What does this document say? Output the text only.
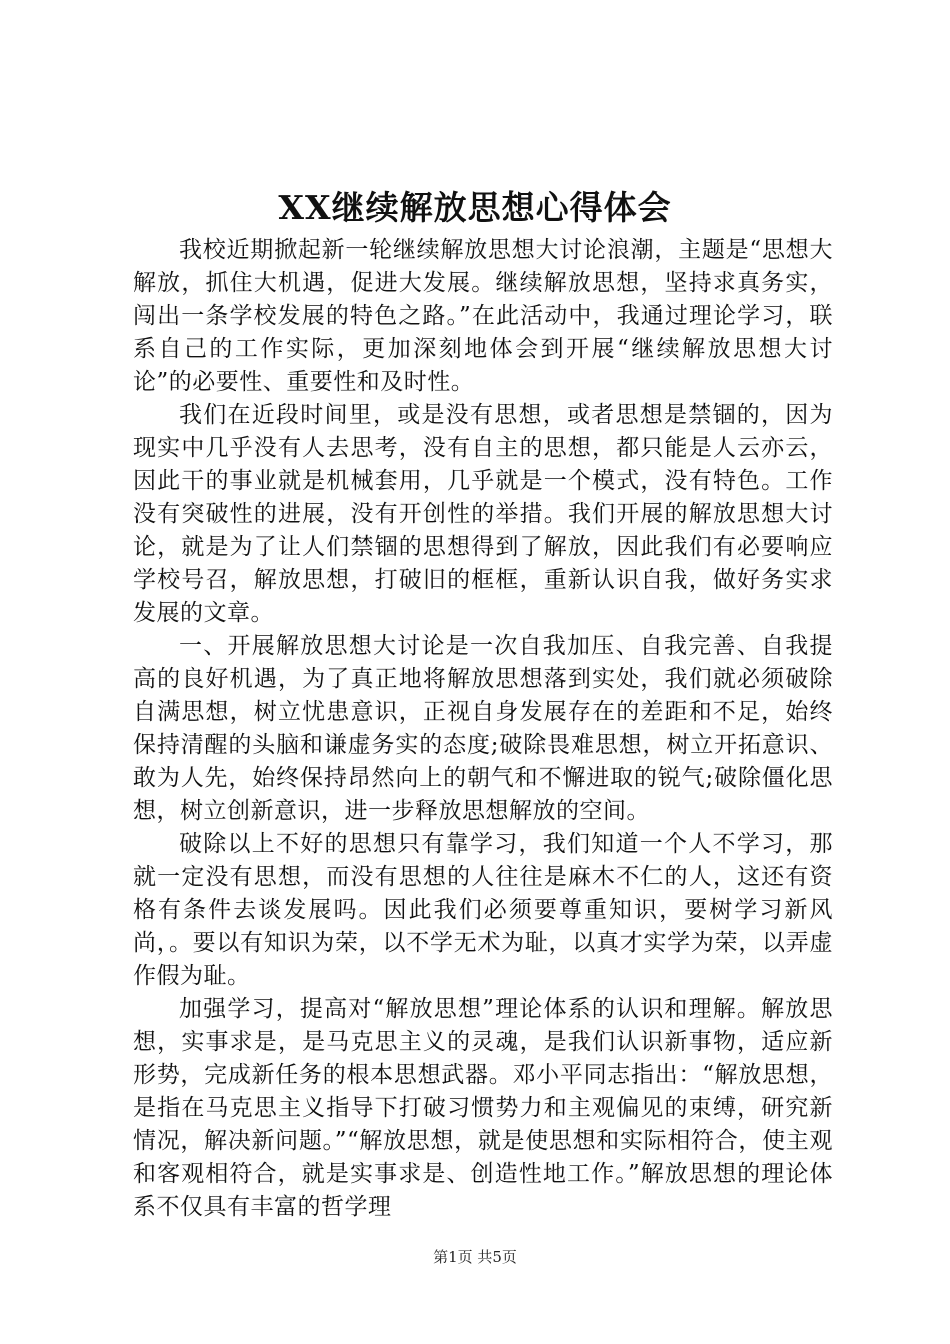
XX继续解放思想心得体会

我校近期掀起新一轮继续解放思想大讨论浪潮，主题是“思想大解放，抓住大机遇，促进大发展。继续解放思想，坚持求真务实，闯出一条学校发展的特色之路。”在此活动中，我通过理论学习，联系自己的工作实际，更加深刻地体会到开展“继续解放思想大讨论”的必要性、重要性和及时性。

我们在近段时间里，或是没有思想，或者思想是禁锢的，因为现实中几乎没有人去思考，没有自主的思想，都只能是人云亦云，因此干的事业就是机械套用，几乎就是一个模式，没有特色。工作没有突破性的进展，没有开创性的举措。我们开展的解放思想大讨论，就是为了让人们禁锢的思想得到了解放，因此我们有必要响应学校号召，解放思想，打破旧的框框，重新认识自我，做好务实求发展的文章。

一、开展解放思想大讨论是一次自我加压、自我完善、自我提高的良好机遇，为了真正地将解放思想落到实处，我们就必须破除自满思想，树立忧患意识，正视自身发展存在的差距和不足，始终保持清醒的头脑和谦虚务实的态度;破除畏难思想，树立开拓意识、敢为人先，始终保持昂然向上的朝气和不懈进取的锐气;破除僵化思想，树立创新意识，进一步释放思想解放的空间。

破除以上不好的思想只有靠学习，我们知道一个人不学习，那就一定没有思想，而没有思想的人往往是麻木不仁的人，这还有资格有条件去谈发展吗。因此我们必须要尊重知识，要树学习新风尚，。要以有知识为荣，以不学无术为耻，以真才实学为荣，以弄虚作假为耻。

加强学习，提高对“解放思想”理论体系的认识和理解。解放思想，实事求是，是马克思主义的灵魂，是我们认识新事物，适应新形势，完成新任务的根本思想武器。邓小平同志指出：“解放思想，是指在马克思主义指导下打破习惯势力和主观偏见的束缚，研究新情况，解决新问题。”“解放思想，就是使思想和实际相符合，使主观和客观相符合，就是实事求是、创造性地工作。”解放思想的理论体系不仅具有丰富的哲学理

第1页 共5页
